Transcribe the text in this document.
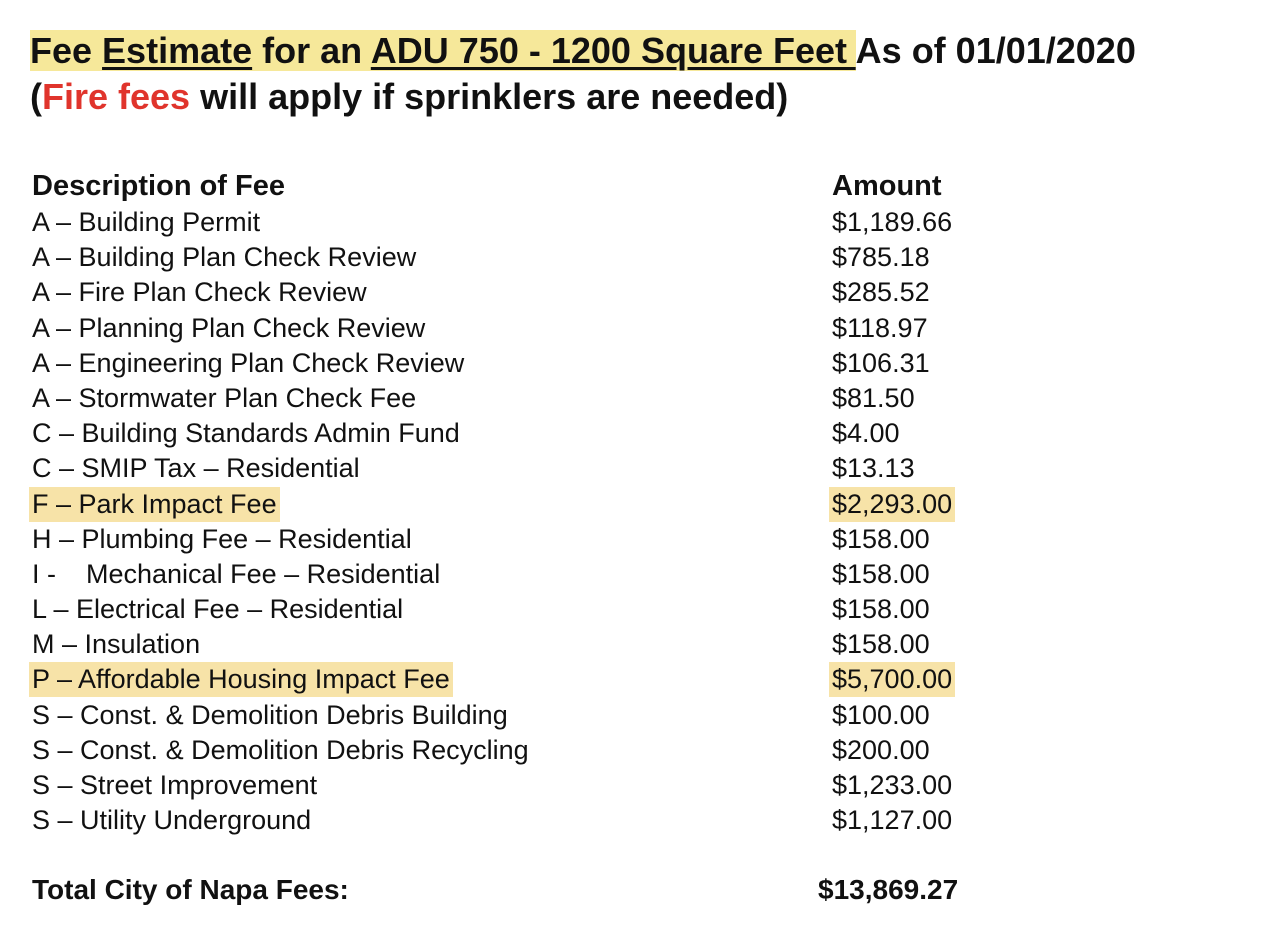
Fee Estimate for an ADU 750 - 1200 Square Feet As of 01/01/2020
(Fire fees will apply if sprinklers are needed)
Description of Fee	Amount
A – Building Permit	$1,189.66
A – Building Plan Check Review	$785.18
A – Fire Plan Check Review	$285.52
A – Planning Plan Check Review	$118.97
A – Engineering Plan Check Review	$106.31
A – Stormwater Plan Check Fee	$81.50
C – Building Standards Admin Fund	$4.00
C – SMIP Tax – Residential	$13.13
F – Park Impact Fee	$2,293.00
H – Plumbing Fee – Residential	$158.00
I -    Mechanical Fee – Residential	$158.00
L – Electrical Fee – Residential	$158.00
M – Insulation	$158.00
P – Affordable Housing Impact Fee	$5,700.00
S – Const. & Demolition Debris Building	$100.00
S – Const. & Demolition Debris Recycling	$200.00
S – Street Improvement	$1,233.00
S – Utility Underground	$1,127.00
Total City of Napa Fees:	$13,869.27
